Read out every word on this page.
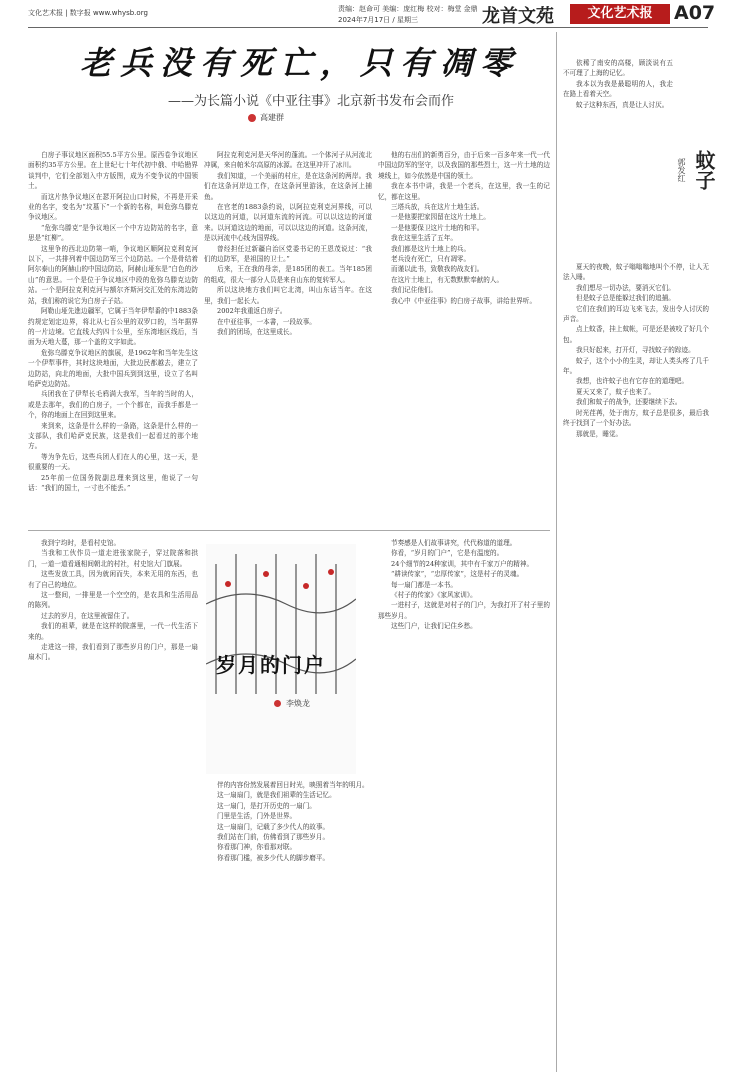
文化艺术报 | 数字报 www.whysb.org	责编：赵命可 美编：庞红梅 校对：梅堂 金鼎
2024年7月17日 / 星期三	龙首文苑	文化艺术报	A07
老兵没有死亡，只有凋零
——为长篇小说《中亚往事》北京新书发布会而作
高建群

白房子事议地区面积55.5平方公里。原西卷争议地区面积约35平方公里。在上世纪七十年代初中俄、中哈勘界谈判中，它们全部划入中方版图，成为不变争议的中国领土。

而这片热争议地区在瑟开阿拉山口时候，不再是开采业的名字，变名为“坟墓下”一个新的名称，叫危弥乌滕克争议地区。

“危弥乌滕克”是争议地区一个中方边防站的名字，意思是“红柳”。

这里争的西北边防第一哨，争议地区顺阿拉克利克河以下，一共排列着中国边防军三个边防站。一个是骨结着阿尔泰山的阿赫山的中国边防站，阿赫山垭东是“白色的沙山”的意思。一个是位于争议地区中段的危弥乌滕克边防站。一个是阿拉克利克河与额尔齐斯河交汇处的东湾边防站，我们称的说它为白房子子站。

阿勒山垭先進边疆军，它属于当年伊犁番的中1883条约规定划定边界，将北从七百公里的双罗口的，当年据界的一片边境。它直线大约四十公里，至东湾地区线后，当面为天地大蔓，那一个盖的文字如此。

危弥乌滕克争议地区的旗展，是1962年和当年先生这一个伊犁事件，其时这块地面，大批边民都越去，建立了边防站，向北的地面，大批中国兵到到这里，设立了名叫哈萨克边防站。

兵团我在了伊犁长毛鸦满大我军，当年的当时的人，或是去那年，我们的白房子，一个个都在，而我手都是一个，你的地面上在回到这里来。

来到来，这条是什么样的一条路，这条是什么样的一支部队，我们哈萨克民族，这是我们一起看过的那个地方。

等为争先后，这些兵团人们在人的心里，这一天，是很重要的一天。

25年前一位国务院副总理来到这里，他说了一句话：“我们的国土，一寸也不能丢。”

阿拉克利克河是天华河的蓬流。一个体河子从河流北冲属，来自帕米尔高原的冰源。在这里冲开了冰川。

我们知道，一个美丽的村庄，是在这条河的两岸。我们在这条河岸边工作，在这条河里游泳，在这条河上捕鱼。

在官老的1883条约说，以阿拉克利克河界线，可以以这边的河道，以河道东流的河流。可以以这边的河道来。以河道这边的地面，可以以这边的河道。这条河流，是以河流中心线为国界线。

曾经担任过新疆自治区党委书记的王恩茂说过：“我们的边防军，是祖国的卫士。”

后来，王在我的母亲，是185团的表工。当年185团的组成，很大一部分人员是来自山东的复转军人。

所以这块地方我们叫它北湾，叫山东话当年。在这里，我们一起长大。

2002年我重返白房子。

在中亚往事，一本書，一段故事。

我们的团场，在这里成长。

他的右出们的新勇百分，由于后来一百多年来一代一代中国边防军的坚守，以及我国的那些烈士，这一片土地的边境线上，如今依然是中国的领土。

我在本书中讲，我是一个老兵，在这里，我一生的记忆，都在这里。

三塔兵放，兵在这片土地生活。

一是他要把家园留在这片土地上。

一是他要保卫这片土地的和平。

我在这里生活了五年。

我们都是这片土地上的兵。

老兵没有死亡，只有凋零。

而谨以此书，致敬我的战友们。

在这片土地上，有无数默默奉献的人。

我们记住他们。

我心中《中亚往事》的白房子故事，讲给世界听。

我到宁均时，是看村史馆。

当我和工伙作员一道走进张家院子，穿过院落和拱门，一道一道看通相间朝北的村社，村史馆大门旗展。

这些发放工具，因为就闲而失，本来无用的东西，也有了自己的地位。

这一整间，一排里是一个空空的，是农具和生活用品的陈列。

过去的岁月，在这里被留住了。

我们的祖辈，就是在这样的院落里，一代一代生活下来的。

走进这一排，我们看到了那些岁月的门户，那是一扇扇木门。	岁月的门户
李焕龙

伴的内容份然发展着回日时光，映照着当年的明月。

这一扇扇门，就是我们祖辈的生活记忆。

这一扇门，是打开历史的一扇门。

门里是生活，门外是世界。

这一扇扇门，记载了多少代人的故事。

我们站在门前，仿佛看到了那些岁月。

你看那门神，你看那对联。

你看那门槛，被多少代人的脚步磨平。

节奏感是人们故事讲究，代代称道的道理。

你看，“岁月的门户”，它是有温度的。

24个细节的24种家训，其中有千家万户的精神。

“耕读传家”，“忠厚传家”，这是村子的灵魂。

每一扇门都是一本书。

《村子的传家》《家风家训》。

一进村子，这就是对村子的门户，为我打开了村子里的那些岁月。

这些门户，让我们记住乡愁。

蚊子
郭发红

依稀了南安的高楼，顾淡说有五不可理了上海的记忆。

我本以为我是最聪明的人，我走在路上看着天空。

蚊子这种东西，真是让人讨厌。

夏天的夜晚，蚊子嗡嗡嗡地叫个不停，让人无法入睡。

我们想尽一切办法，要消灭它们。

但是蚊子总是能躲过我们的追捕。

它们在我们的耳边飞来飞去，发出令人讨厌的声音。

点上蚊香，挂上蚊帐，可是还是被咬了好几个包。

我只好起来，打开灯，寻找蚊子的踪迹。

蚊子，这个小小的生灵，却让人类头疼了几千年。

我想，也许蚊子也有它存在的道理吧。

夏天又来了，蚊子也来了。

我们和蚊子的战争，还要继续下去。

时光荏苒，处于南方，蚊子总是很多，最后我终于找到了一个好办法。

那就是，睡觉。
